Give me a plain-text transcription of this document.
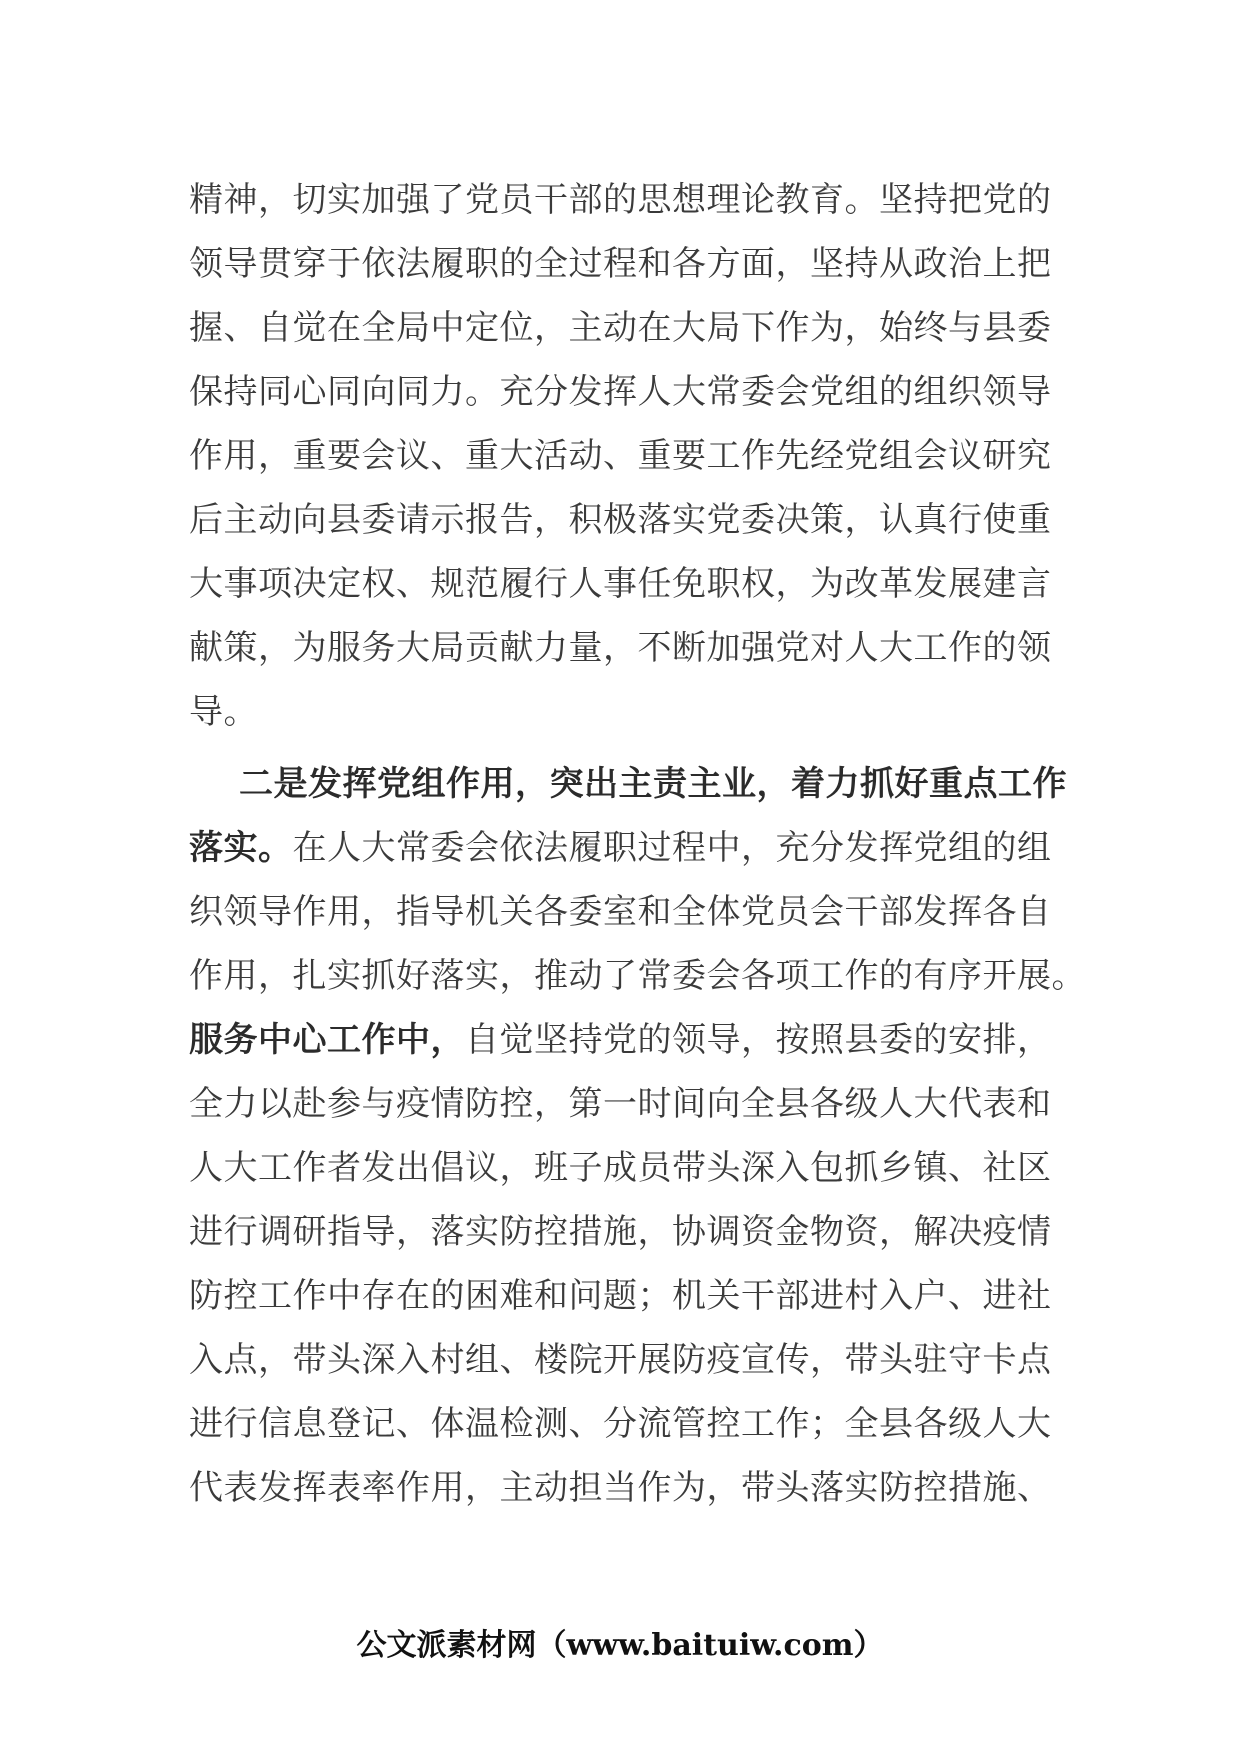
精神，切实加强了党员干部的思想理论教育。坚持把党的
领导贯穿于依法履职的全过程和各方面，坚持从政治上把
握、自觉在全局中定位，主动在大局下作为，始终与县委
保持同心同向同力。充分发挥人大常委会党组的组织领导
作用，重要会议、重大活动、重要工作先经党组会议研究
后主动向县委请示报告，积极落实党委决策，认真行使重
大事项决定权、规范履行人事任免职权，为改革发展建言
献策，为服务大局贡献力量，不断加强党对人大工作的领
导。
二是发挥党组作用，突出主责主业，着力抓好重点工作
落实。在人大常委会依法履职过程中，充分发挥党组的组
织领导作用，指导机关各委室和全体党员会干部发挥各自
作用，扎实抓好落实，推动了常委会各项工作的有序开展。
服务中心工作中，自觉坚持党的领导，按照县委的安排，
全力以赴参与疫情防控，第一时间向全县各级人大代表和
人大工作者发出倡议，班子成员带头深入包抓乡镇、社区
进行调研指导，落实防控措施，协调资金物资，解决疫情
防控工作中存在的困难和问题；机关干部进村入户、进社
入点，带头深入村组、楼院开展防疫宣传，带头驻守卡点
进行信息登记、体温检测、分流管控工作；全县各级人大
代表发挥表率作用，主动担当作为，带头落实防控措施、
公文派素材网（www.baituiw.com）
